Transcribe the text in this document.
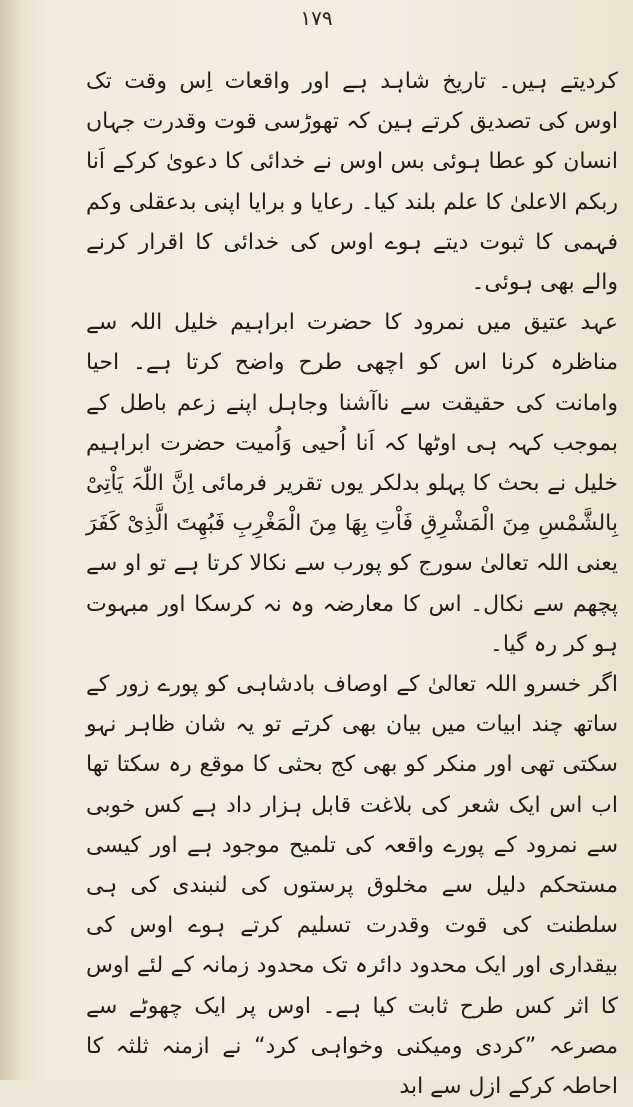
۱۷۹

کردیتے ہیں۔ تاریخ شاہد ہے اور واقعات اِس وقت تک اوس کی تصدیق کرتے ہین کہ تھوڑسی قوت وقدرت جہاں انسان کو عطا ہوئی بس اوس نے خدائی کا دعویٰ کرکے اَنا ربکم الاعلیٰ کا علم بلند کیا۔ رعایا و برایا اپنی بدعقلی وکم فہمی کا ثبوت دیتے ہوے اوس کی خدائی کا اقرار کرنے والے بھی ہوئی۔

عہد عتیق میں نمرود کا حضرت ابراہیم خلیل اللہ سے مناظرہ کرنا اس کو اچھی طرح واضح کرتا ہے۔ احیا وامانت کی حقیقت سے ناآشنا وجاہل اپنے زعم باطل کے بموجب کہہ ہی اوٹھا کہ اَنا اُحیی وَاُمیت حضرت ابراہیم خلیل نے بحث کا پہلو بدلکر یوں تقریر فرمائی اِنَّ اللّٰہَ یَاْتِیْ بِالشَّمْسِ مِنَ الْمَشْرِقِ فَاْتِ بِھَا مِنَ الْمَغْرِبِ فَبُھِتَ الَّذِیْ کَفَرَ یعنی اللہ تعالیٰ سورج کو پورب سے نکالا کرتا ہے تو او سے پچھم سے نکال۔ اس کا معارضہ وہ نہ کرسکا اور مبہوت ہو کر رہ گیا۔

اگر خسرو اللہ تعالیٰ کے اوصاف بادشاہی کو پورے زور کے ساتھ چند ابیات میں بیان بھی کرتے تو یہ شان ظاہر نہو سکتی تھی اور منکر کو بھی کج بحثی کا موقع رہ سکتا تھا اب اس ایک شعر کی بلاغت قابل ہزار داد ہے کس خوبی سے نمرود کے پورے واقعہ کی تلمیح موجود ہے اور کیسی مستحکم دلیل سے مخلوق پرستوں کی لنبندی کی ہی سلطنت کی قوت وقدرت تسلیم کرتے ہوے اوس کی بیقداری اور ایک محدود دائرہ تک محدود زمانہ کے لئے اوس کا اثر کس طرح ثابت کیا ہے۔ اوس پر ایک چھوٹے سے مصرعہ ”کردی ومیکنی وخواہی کرد“ نے ازمنہ ثلثہ کا احاطہ کرکے ازل سے ابد
